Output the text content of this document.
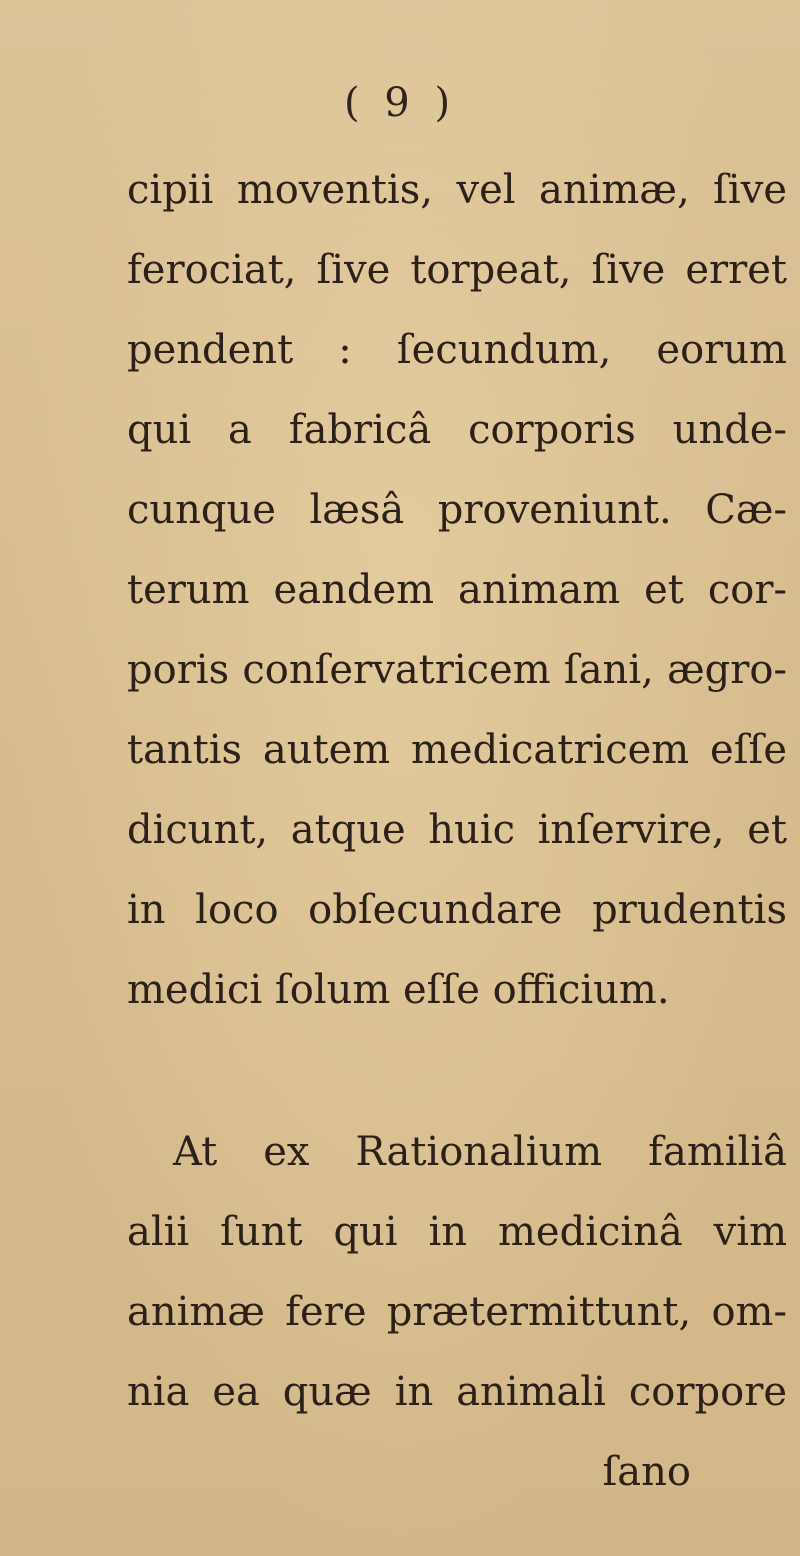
( 9 )
cipii moventis, vel animæ, ſive
ferociat, ſive torpeat, ſive erret
pendent : ſecundum, eorum
qui a fabricâ corporis unde-
cunque læsâ proveniunt. Cæ-
terum eandem animam et cor-
poris conſervatricem ſani, ægro-
tantis autem medicatricem eſſe
dicunt, atque huic inſervire, et
in loco obſecundare prudentis
medici ſolum eſſe officium.
At ex Rationalium familiâ
alii ſunt qui in medicinâ vim
animæ fere prætermittunt, om-
nia ea quæ in animali corpore
ſano
